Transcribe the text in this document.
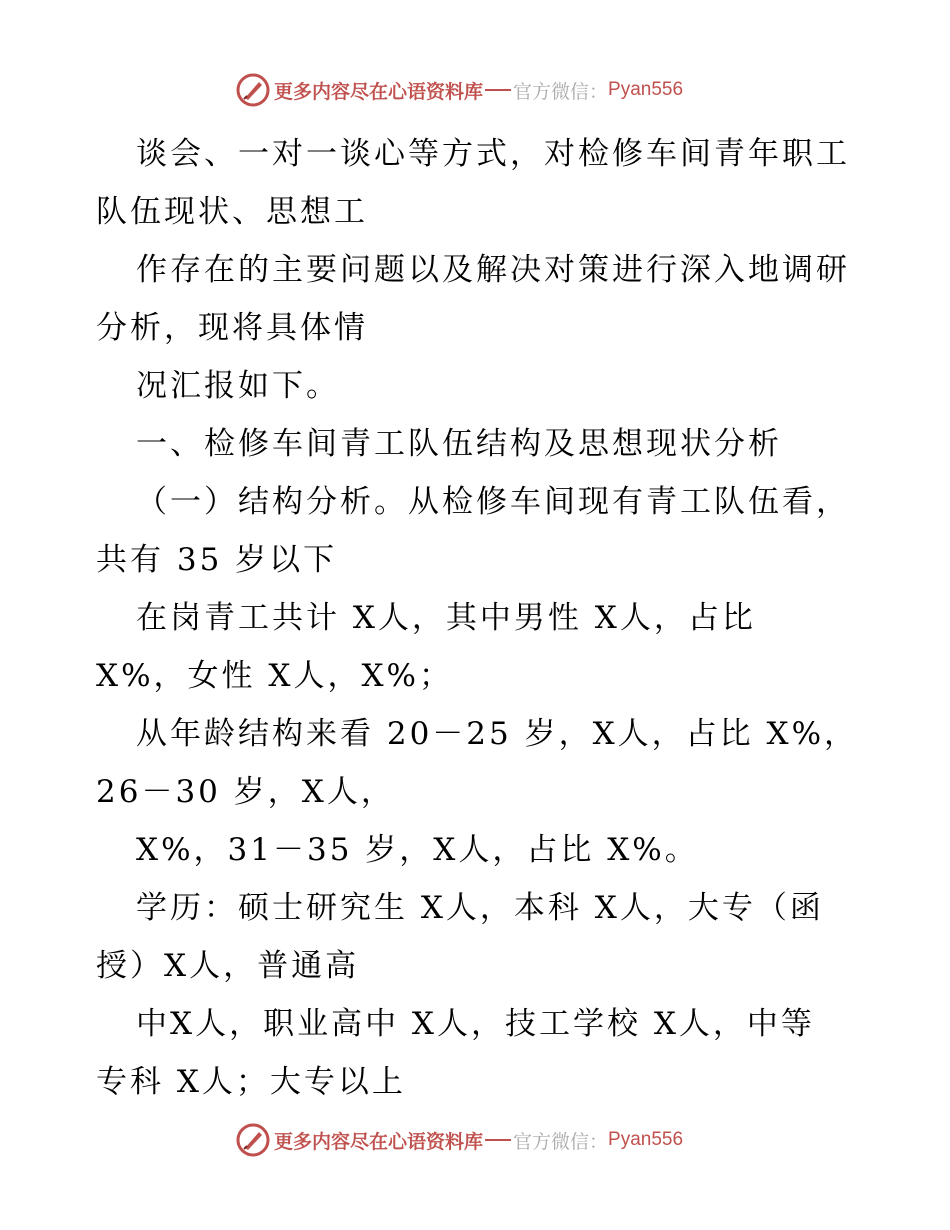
更多内容尽在心语资料库 官方微信： Pyan556
谈会、一对一谈心等方式，对检修车间青年职工
队伍现状、思想工
作存在的主要问题以及解决对策进行深入地调研
分析，现将具体情
况汇报如下。
一、检修车间青工队伍结构及思想现状分析
（一）结构分析。从检修车间现有青工队伍看，
共有 35 岁以下
在岗青工共计 X人，其中男性 X人，占比
X%，女性 X人，X%；
从年龄结构来看 20－25 岁，X人，占比 X%，
26－30 岁，X人，
X%，31－35 岁，X人，占比 X%。
学历：硕士研究生 X人，本科 X人，大专（函
授）X人，普通高
中X人，职业高中 X人，技工学校 X人，中等
专科 X人；大专以上
更多内容尽在心语资料库 官方微信： Pyan556
